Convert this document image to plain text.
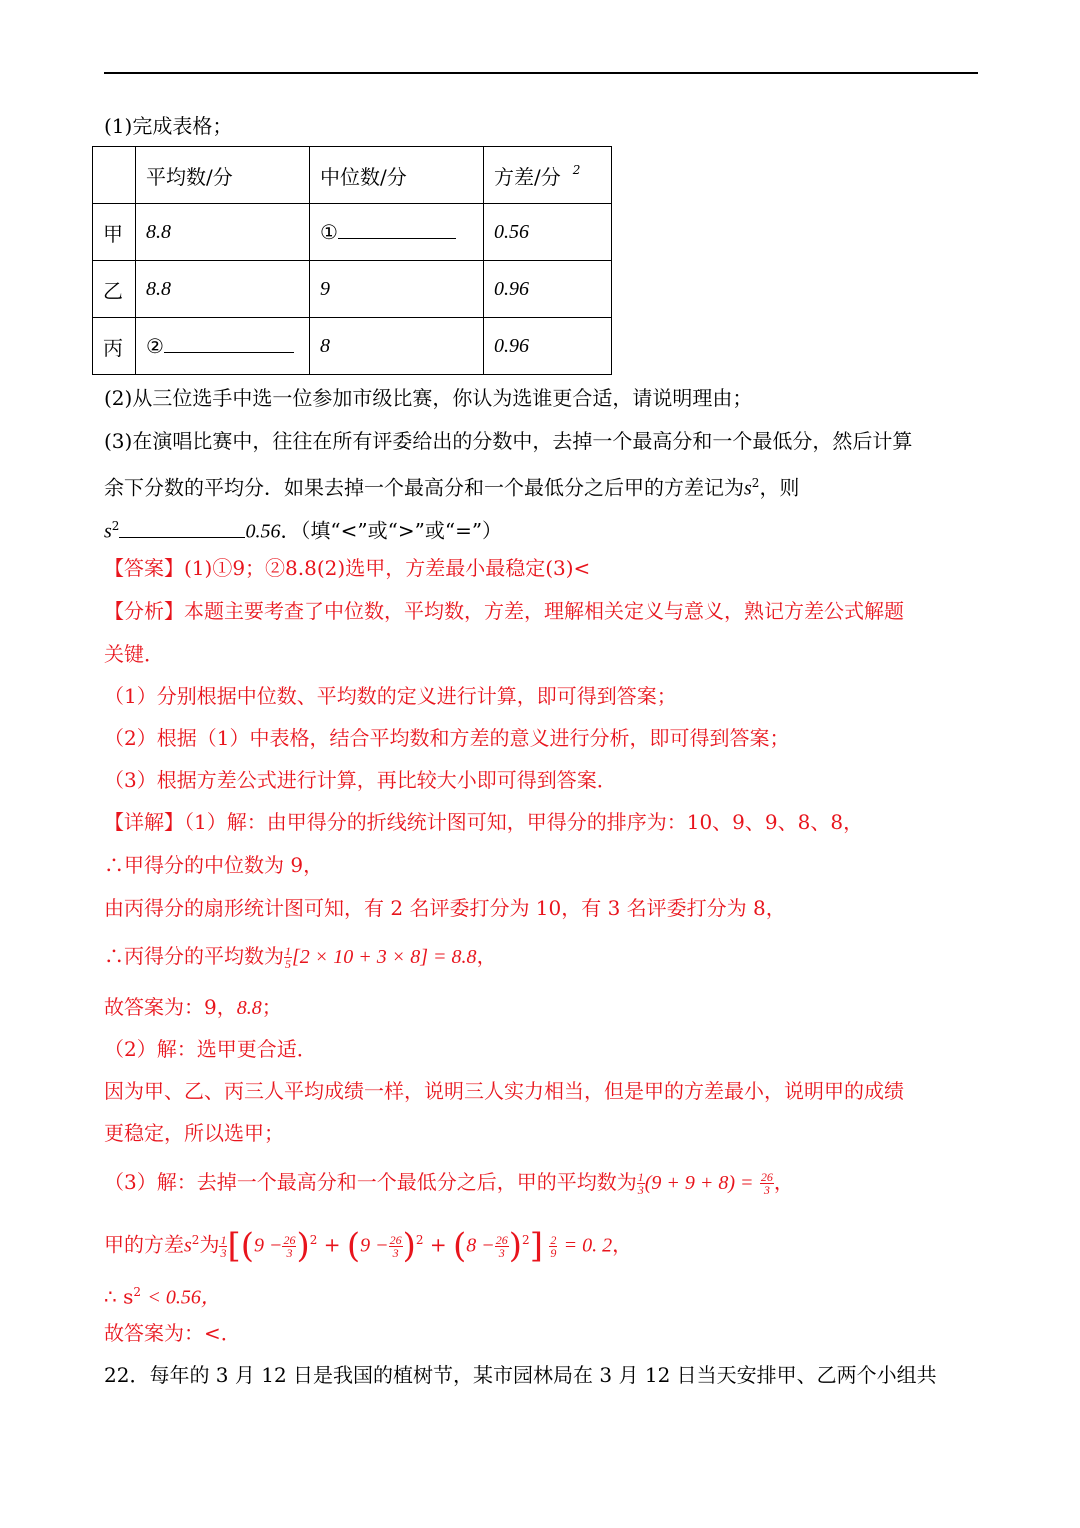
(1)完成表格；

	平均数/分	中位数/分	方差/分 $^2$
甲	8.8	①	0.56
乙	8.8	9	0.96
丙	②	8	0.96

(2)从三位选手中选一位参加市级比赛，你认为选谁更合适，请说明理由；

(3)在演唱比赛中，往往在所有评委给出的分数中，去掉一个最高分和一个最低分，然后计算

余下分数的平均分．如果去掉一个最高分和一个最低分之后甲的方差记为$s^2$，则

$s^2$	0.56．（填“<”或“>”或“=”）

【答案】(1)①9；②8.8(2)选甲，方差最小最稳定(3)<

【分析】本题主要考查了中位数，平均数，方差，理解相关定义与意义，熟记方差公式解题

关键．

（1）分别根据中位数、平均数的定义进行计算，即可得到答案；

（2）根据（1）中表格，结合平均数和方差的意义进行分析，即可得到答案；

（3）根据方差公式进行计算，再比较大小即可得到答案．

【详解】（1）解：由甲得分的折线统计图可知，甲得分的排序为：10、9、9、8、8，

∴甲得分的中位数为 9，

由丙得分的扇形统计图可知，有 2 名评委打分为 10，有 3 名评委打分为 8，

∴丙得分的平均数为 $\frac{1}{5} [2 \times 10 + 3 \times 8] = 8.8$，

故答案为：9，8.8；

（2）解：选甲更合适．

因为甲、乙、丙三人平均成绩一样，说明三人实力相当，但是甲的方差最小，说明甲的成绩

更稳定，所以选甲；

（3）解：去掉一个最高分和一个最低分之后，甲的平均数为 $\frac{1}{3} (9 + 9 + 8) = \frac{26}{3}$ ，

甲的方差$s^2$为 $\frac{1}{3} [(9 - \frac{26}{3} )^2 + (9 - \frac{26}{3} )^2 + (8 - \frac{26}{3} )^2] \frac{2}{9} = 0$. 2，

∴ $s^2 < 0.56$，

故答案为：<．

22．每年的 3 月 12 日是我国的植树节，某市园林局在 3 月 12 日当天安排甲、乙两个小组共
